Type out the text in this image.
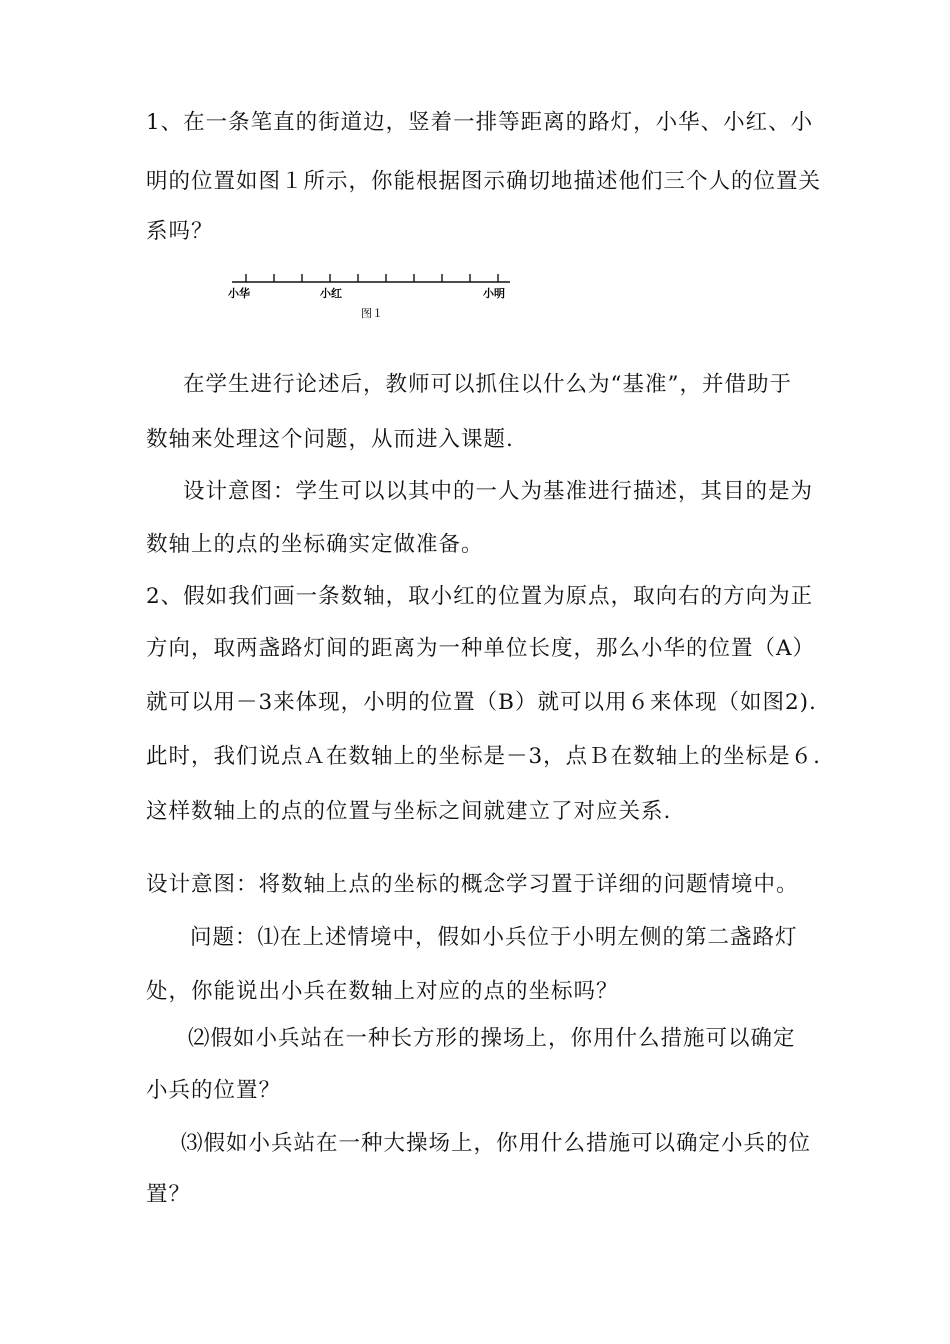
1、在一条笔直的街道边，竖着一排等距离的路灯，小华、小红、小
明的位置如图１所示，你能根据图示确切地描述他们三个人的位置关
系吗？
小华	小红	小明
图１
在学生进行论述后，教师可以抓住以什么为“基准”，并借助于
数轴来处理这个问题，从而进入课题.
设计意图：学生可以以其中的一人为基准进行描述，其目的是为
数轴上的点的坐标确实定做准备。
2、假如我们画一条数轴，取小红的位置为原点，取向右的方向为正
方向，取两盏路灯间的距离为一种单位长度，那么小华的位置（A）
就可以用－3来体现，小明的位置（B）就可以用６来体现（如图2).
此时，我们说点Ａ在数轴上的坐标是－3，点Ｂ在数轴上的坐标是６.
这样数轴上的点的位置与坐标之间就建立了对应关系.
设计意图：将数轴上点的坐标的概念学习置于详细的问题情境中。
问题：⑴在上述情境中，假如小兵位于小明左侧的第二盏路灯
处，你能说出小兵在数轴上对应的点的坐标吗？
⑵假如小兵站在一种长方形的操场上，你用什么措施可以确定
小兵的位置？
⑶假如小兵站在一种大操场上，你用什么措施可以确定小兵的位
置？
